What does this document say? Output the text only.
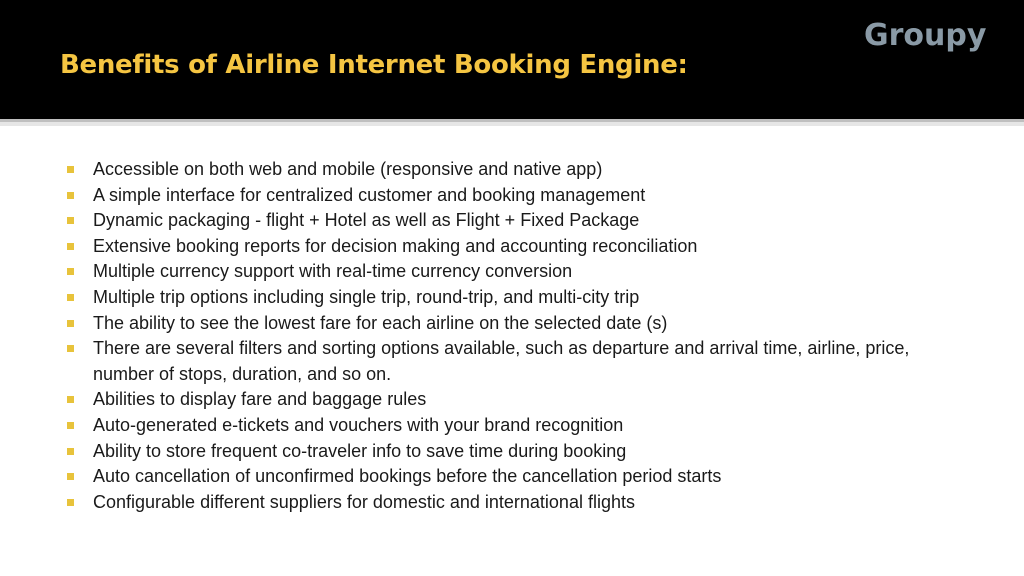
Benefits of Airline Internet Booking Engine:
Groupy
Accessible on both web and mobile (responsive and native app)
A simple interface for centralized customer and booking management
Dynamic packaging - flight + Hotel as well as Flight + Fixed Package
Extensive booking reports for decision making and accounting reconciliation
Multiple currency support with real-time currency conversion
Multiple trip options including single trip, round-trip, and multi-city trip
The ability to see the lowest fare for each airline on the selected date (s)
There are several filters and sorting options available, such as departure and arrival time, airline, price, number of stops, duration, and so on.
Abilities to display fare and baggage rules
Auto-generated e-tickets and vouchers with your brand recognition
Ability to store frequent co-traveler info to save time during booking
Auto cancellation of unconfirmed bookings before the cancellation period starts
Configurable different suppliers for domestic and international flights
